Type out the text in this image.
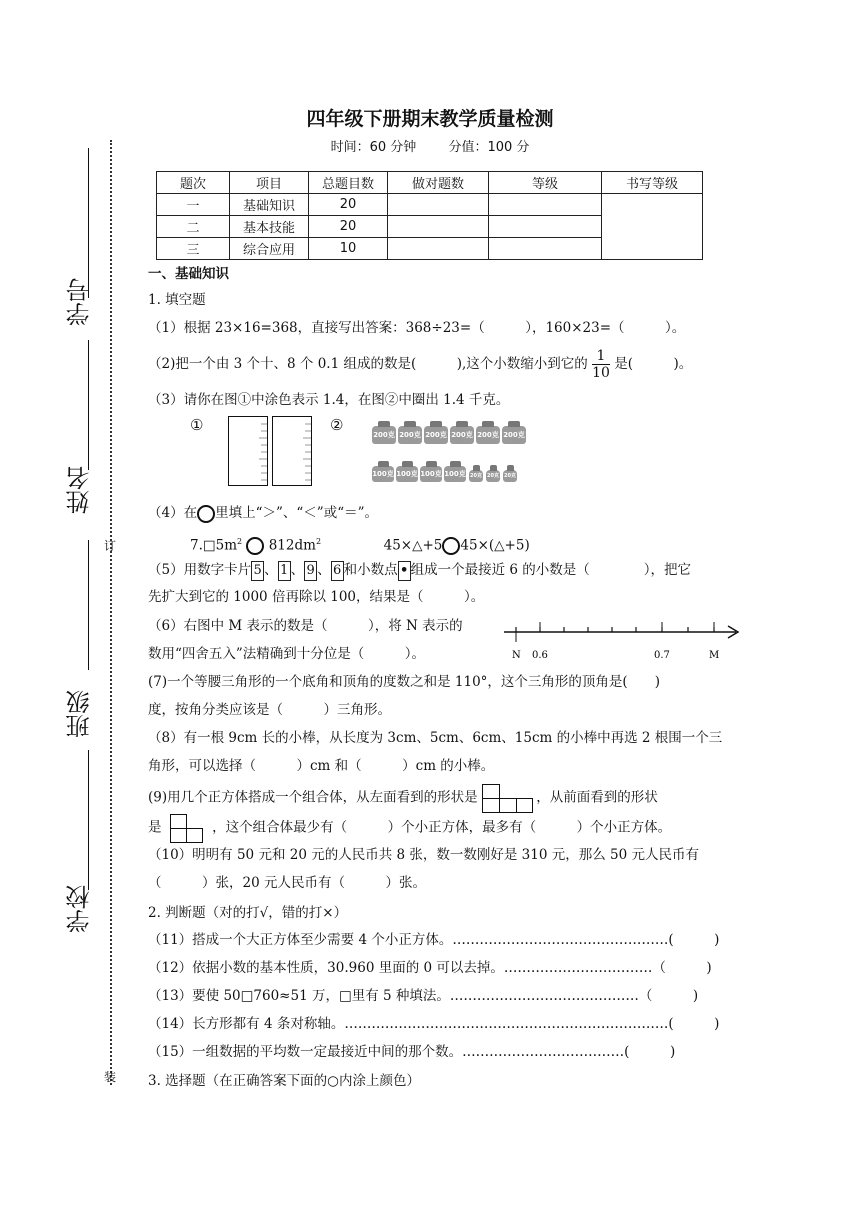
订
装
学号
姓名
班级
学校
四年级下册期末教学质量检测
时间：60 分钟 分值：100 分
题次	项目	总题目数	做对题数	等级	书写等级
一	基础知识	20			
二	基本技能	20			
三	综合应用	10			
一、基础知识
1. 填空题
（1）根据 23×16=368，直接写出答案：368÷23=（　　　），160×23=（　　　）。
（2)把一个由 3 个十、8 个 0.1 组成的数是(　　　),这个小数缩小到它的 $\frac{1}{10}$ 是(　　　)。
（3）请你在图①中涂色表示 1.4，在图②中圈出 1.4 千克。
①	②
200克 200克 200克 200克 200克 200克
100克 100克 100克 100克 20克 20克 20克
（4）在 里填上“＞”、“＜”或“＝”。
$7.□5m^2$ $812dm^2$	45×△+5 45×(△+5)
（5）用数字卡片 5 、 1 、 9 、 6 和小数点 • 组成一个最接近 6 的小数是（　　　　），把它
先扩大到它的 1000 倍再除以 100，结果是（　　　）。
（6）右图中 M 表示的数是（　　　），将 N 表示的
数用“四舍五入”法精确到十分位是（　　　）。	N 0.6	0.7	M
(7)一个等腰三角形的一个底角和顶角的度数之和是 110°，这个三角形的顶角是(　　)
度，按角分类应该是（　　　）三角形。
（8）有一根 9cm 长的小棒，从长度为 3cm、5cm、6cm、15cm 的小棒中再选 2 根围一个三
角形，可以选择（　　　）cm 和（　　　）cm 的小棒。
(9)用几个正方体搭成一个组合体，从左面看到的形状是	，从前面看到的形状
是	，这个组合体最少有（　　　）个小正方体，最多有（　　　）个小正方体。
（10）明明有 50 元和 20 元的人民币共 8 张，数一数刚好是 310 元，那么 50 元人民币有
（　　　）张，20 元人民币有（　　　）张。
2. 判断题（对的打√，错的打×）
（11）搭成一个大正方体至少需要 4 个小正方体。…………………………………………(　　　)
（12）依据小数的基本性质，30.960 里面的 0 可以去掉。……………………………（　　　)
（13）要使 50□760≈51 万，□里有 5 种填法。……………………………………（　　　)
（14）长方形都有 4 条对称轴。………………………………………………………………(　　　)
（15）一组数据的平均数一定最接近中间的那个数。………………………………(　　　)
3. 选择题（在正确答案下面的○内涂上颜色）
